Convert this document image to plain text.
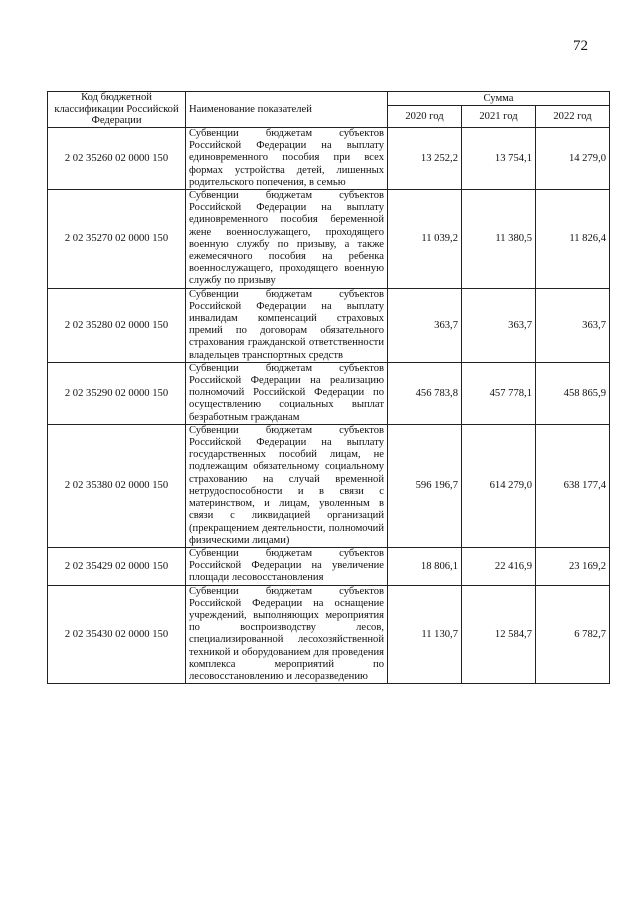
72
Код бюджетной классификации Российской Федерации	Наименование показателей	Сумма		
		2020 год	2021 год	2022 год
2 02 35260 02 0000 150	Субвенции бюджетам субъектов Российской Федерации на выплату единовременного пособия при всех формах устройства детей, лишенных родительского попечения, в семью	13 252,2	13 754,1	14 279,0
2 02 35270 02 0000 150	Субвенции бюджетам субъектов Российской Федерации на выплату единовременного пособия беременной жене военнослужащего, проходящего военную службу по призыву, а также ежемесячного пособия на ребенка военнослужащего, проходящего военную службу по призыву	11 039,2	11 380,5	11 826,4
2 02 35280 02 0000 150	Субвенции бюджетам субъектов Российской Федерации на выплату инвалидам компенсаций страховых премий по договорам обязательного страхования гражданской ответственности владельцев транспортных средств	363,7	363,7	363,7
2 02 35290 02 0000 150	Субвенции бюджетам субъектов Российской Федерации на реализацию полномочий Российской Федерации по осуществлению социальных выплат безработным гражданам	456 783,8	457 778,1	458 865,9
2 02 35380 02 0000 150	Субвенции бюджетам субъектов Российской Федерации на выплату государственных пособий лицам, не подлежащим обязательному социальному страхованию на случай временной нетрудоспособности и в связи с материнством, и лицам, уволенным в связи с ликвидацией организаций (прекращением деятельности, полномочий физическими лицами)	596 196,7	614 279,0	638 177,4
2 02 35429 02 0000 150	Субвенции бюджетам субъектов Российской Федерации на увеличение площади лесовосстановления	18 806,1	22 416,9	23 169,2
2 02 35430 02 0000 150	Субвенции бюджетам субъектов Российской Федерации на оснащение учреждений, выполняющих мероприятия по воспроизводству лесов, специализированной лесохозяйственной техникой и оборудованием для проведения комплекса мероприятий по лесовосстановлению и лесоразведению	11 130,7	12 584,7	6 782,7
